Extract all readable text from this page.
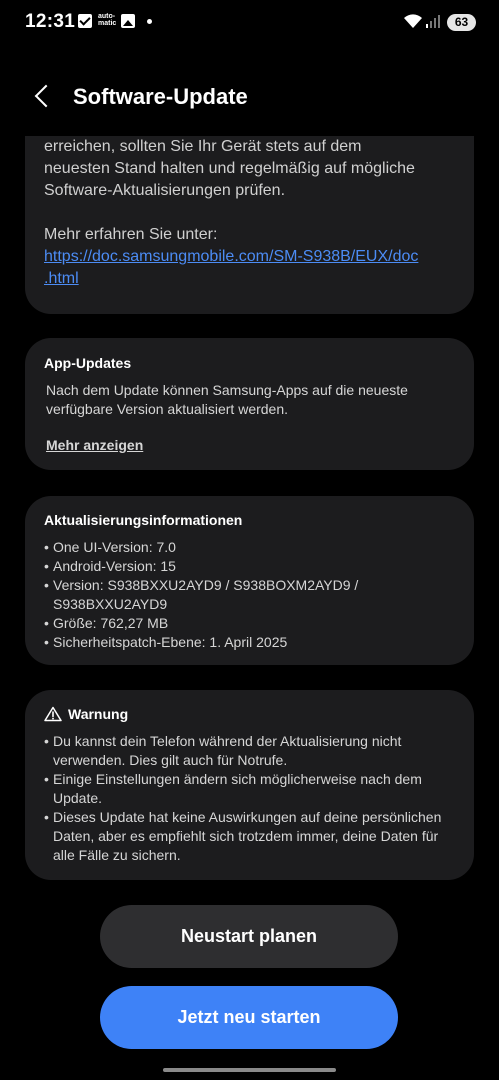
12:31	auto-
matic	63
Software-Update
erreichen, sollten Sie Ihr Gerät stets auf dem
neuesten Stand halten und regelmäßig auf mögliche
Software-Aktualisierungen prüfen.
Mehr erfahren Sie unter:
https://doc.samsungmobile.com/SM-S938B/EUX/doc
.html
App-Updates
Nach dem Update können Samsung-Apps auf die neueste verfügbare Version aktualisiert werden.
Mehr anzeigen
Aktualisierungsinformationen
• One UI-Version: 7.0
• Android-Version: 15
• Version: S938BXXU2AYD9 / S938BOXM2AYD9 / S938BXXU2AYD9
• Größe: 762,27 MB
• Sicherheitspatch-Ebene: 1. April 2025
Warnung
• Du kannst dein Telefon während der Aktualisierung nicht verwenden. Dies gilt auch für Notrufe.
• Einige Einstellungen ändern sich möglicherweise nach dem Update.
• Dieses Update hat keine Auswirkungen auf deine persönlichen Daten, aber es empfiehlt sich trotzdem immer, deine Daten für alle Fälle zu sichern.
Neustart planen
Jetzt neu starten
